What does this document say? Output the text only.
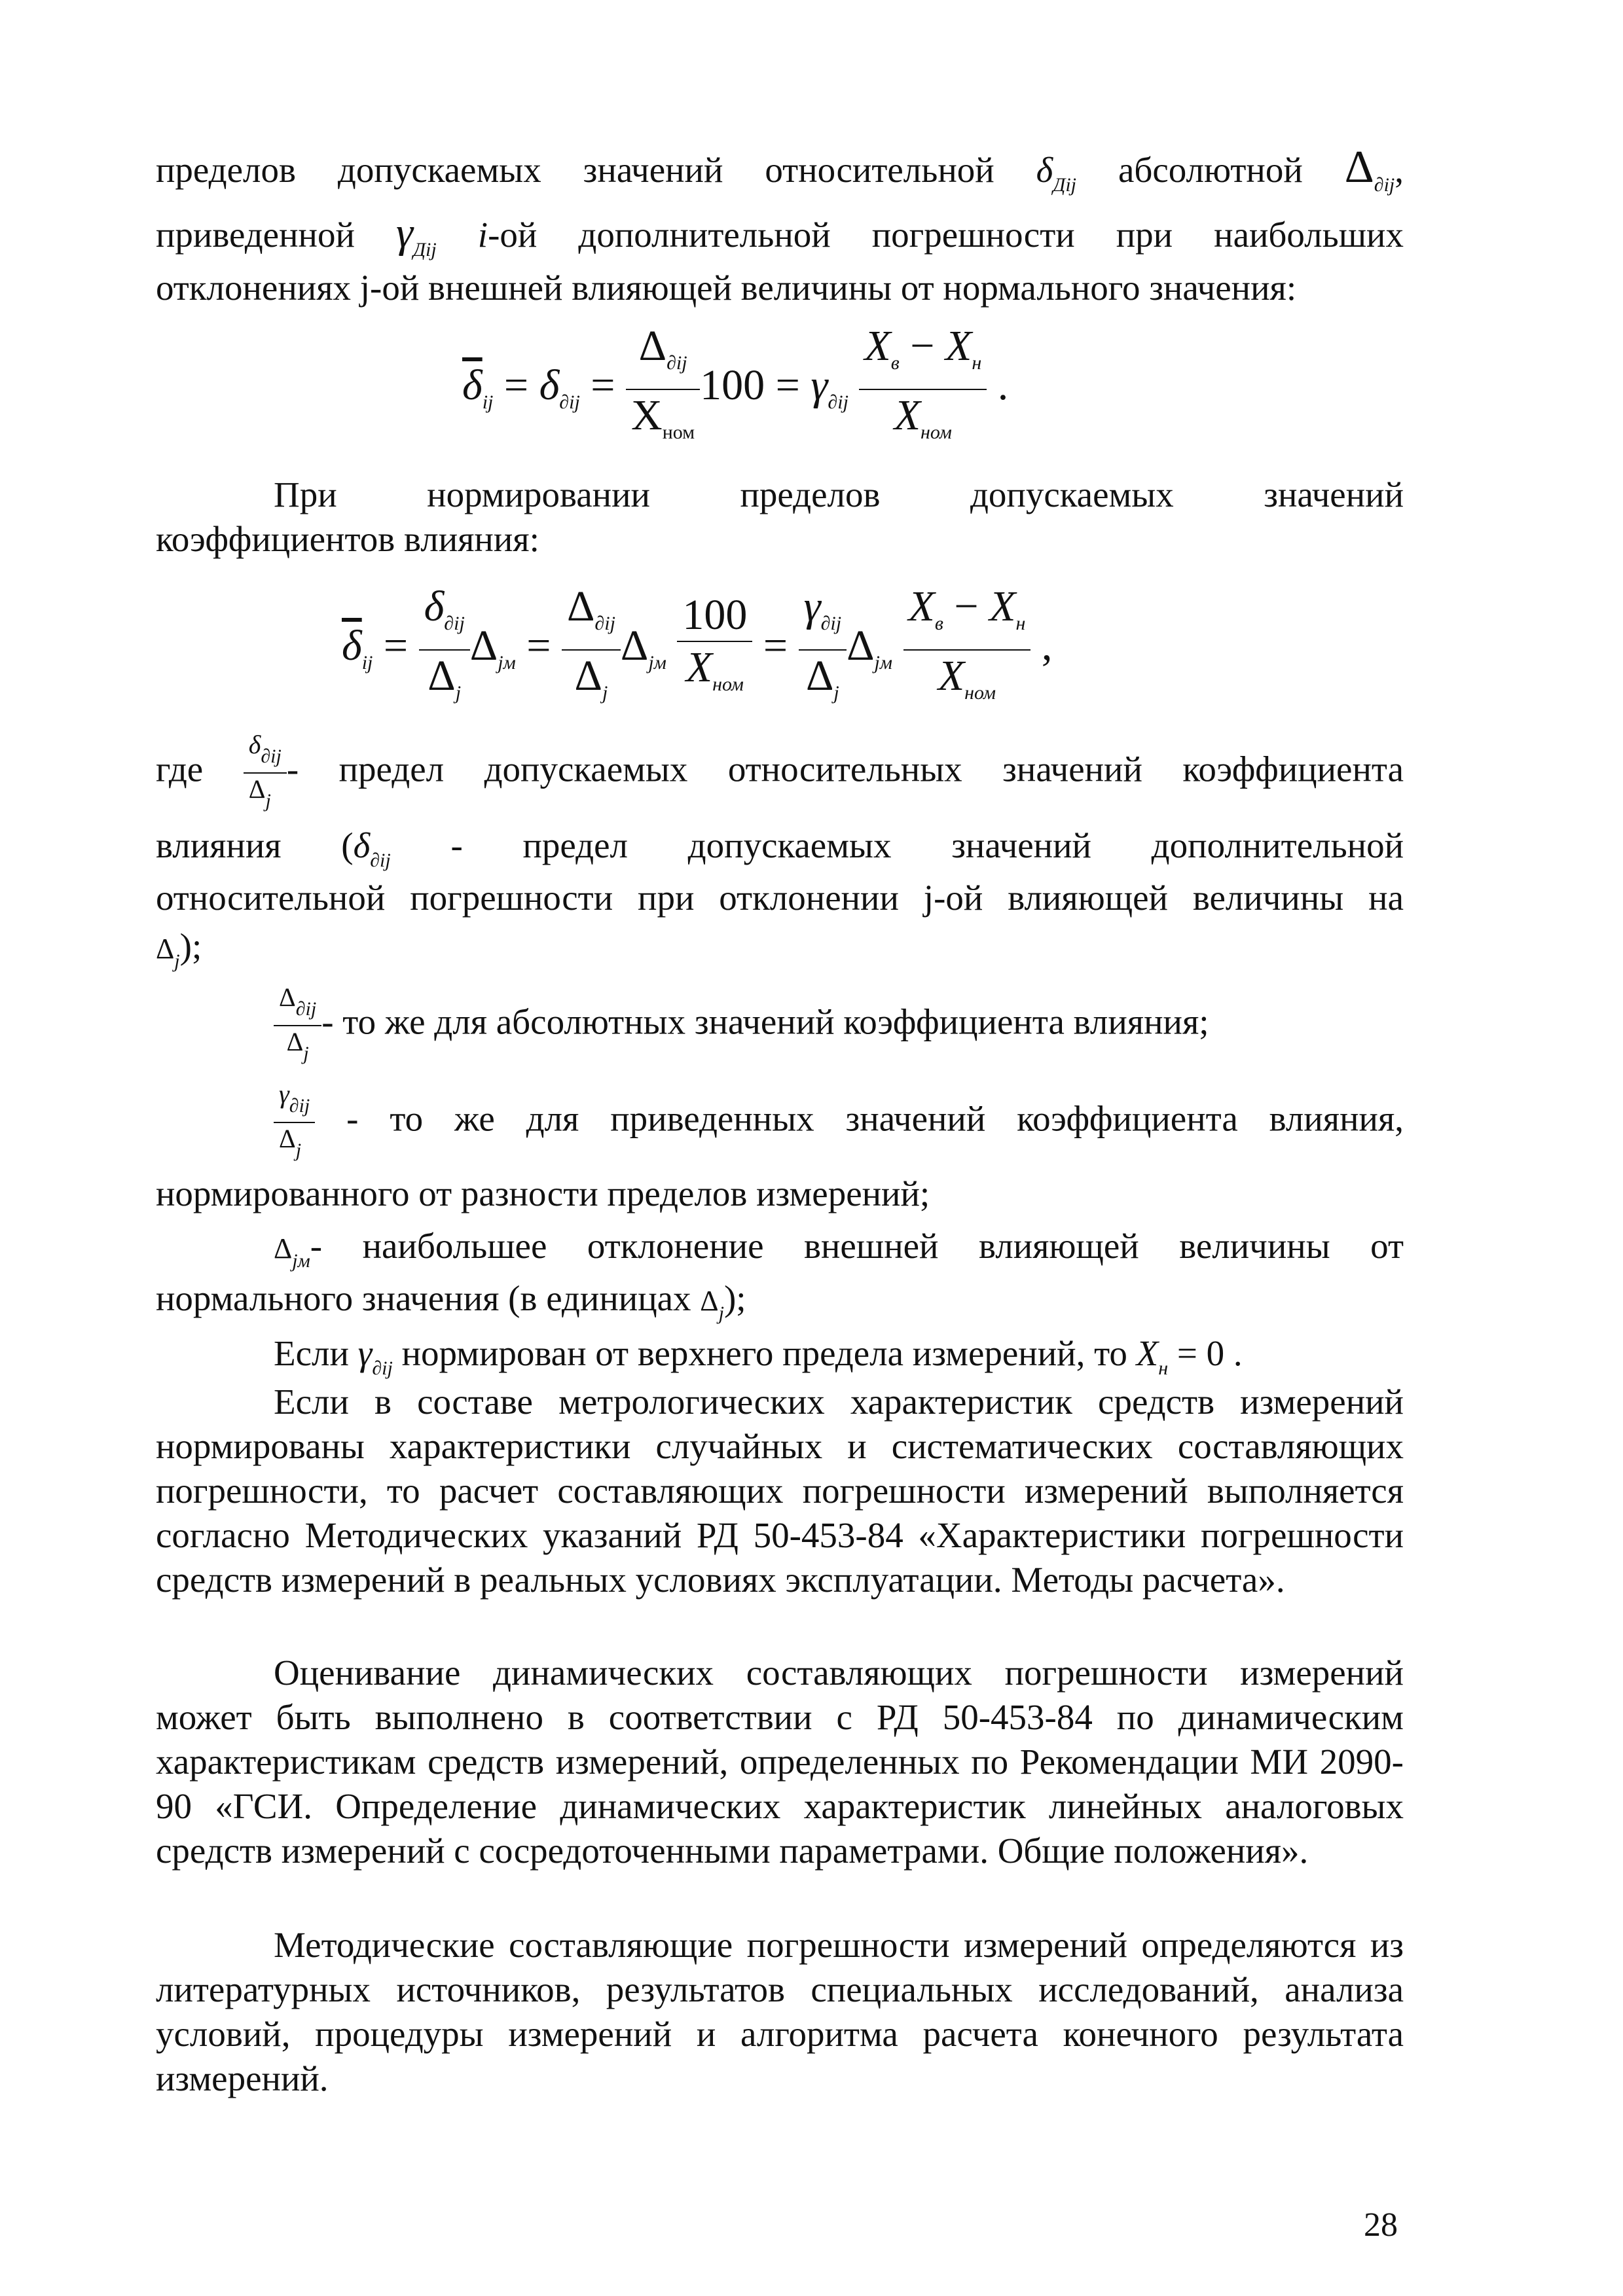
пределов допускаемых значений относительной $\delta_{Дij}$ абсолютной $\Delta_{\partial ij}$,
приведенной $\gamma_{Дij}$ i-ой дополнительной погрешности при наибольших
отклонениях j-ой внешней влияющей величины от нормального значения:
$\overline{\delta}_{ij} = \delta_{\partial ij} = \frac{\Delta_{\partial ij}}{Х_{ном}} 100 = \gamma_{\partial ij} \frac{X_в - X_н}{X_{ном}}$ .
При нормировании пределов допускаемых значений
коэффициентов влияния:
$\overline{\delta}_{ij} = \frac{\delta_{\partial ij}}{\Delta_j} \Delta_{jм} = \frac{\Delta_{\partial ij}}{\Delta_j} \Delta_{jм} \frac{100}{X_{ном}} = \frac{\gamma_{\partial ij}}{\Delta_j} \Delta_{jм} \frac{X_в - X_н}{X_{ном}}$ ,
где $\frac{\delta_{\partial ij}}{\Delta_j}$ - предел допускаемых относительных значений коэффициента
влияния ($\delta_{\partial ij}$ - предел допускаемых значений дополнительной
относительной погрешности при отклонении j-ой влияющей величины на
$\Delta_j$);
$\frac{\Delta_{\partial ij}}{\Delta_j}$ - то же для абсолютных значений коэффициента влияния;
$\frac{\gamma_{\partial ij}}{\Delta_j}$ - то же для приведенных значений коэффициента влияния,
нормированного от разности пределов измерений;
$\Delta_{jм}-$ наибольшее отклонение внешней влияющей величины от
нормального значения (в единицах $\Delta_j$);
Если $\gamma_{\partial ij}$ нормирован от верхнего предела измерений, то $X_н = 0$ .

Если в составе метрологических характеристик средств измерений нормированы характеристики случайных и систематических составляющих погрешности, то расчет составляющих погрешности измерений выполняется согласно Методических указаний РД 50-453-84 «Характеристики погрешности средств измерений в реальных условиях эксплуатации. Методы расчета».

Оценивание динамических составляющих погрешности измерений может быть выполнено в соответствии с РД 50-453-84 по динамическим характеристикам средств измерений, определенных по Рекомендации МИ 2090-90 «ГСИ. Определение динамических характеристик линейных аналоговых средств измерений с сосредоточенными параметрами. Общие положения».

Методические составляющие погрешности измерений определяются из литературных источников, результатов специальных исследований, анализа условий, процедуры измерений и алгоритма расчета конечного результата измерений.

28
